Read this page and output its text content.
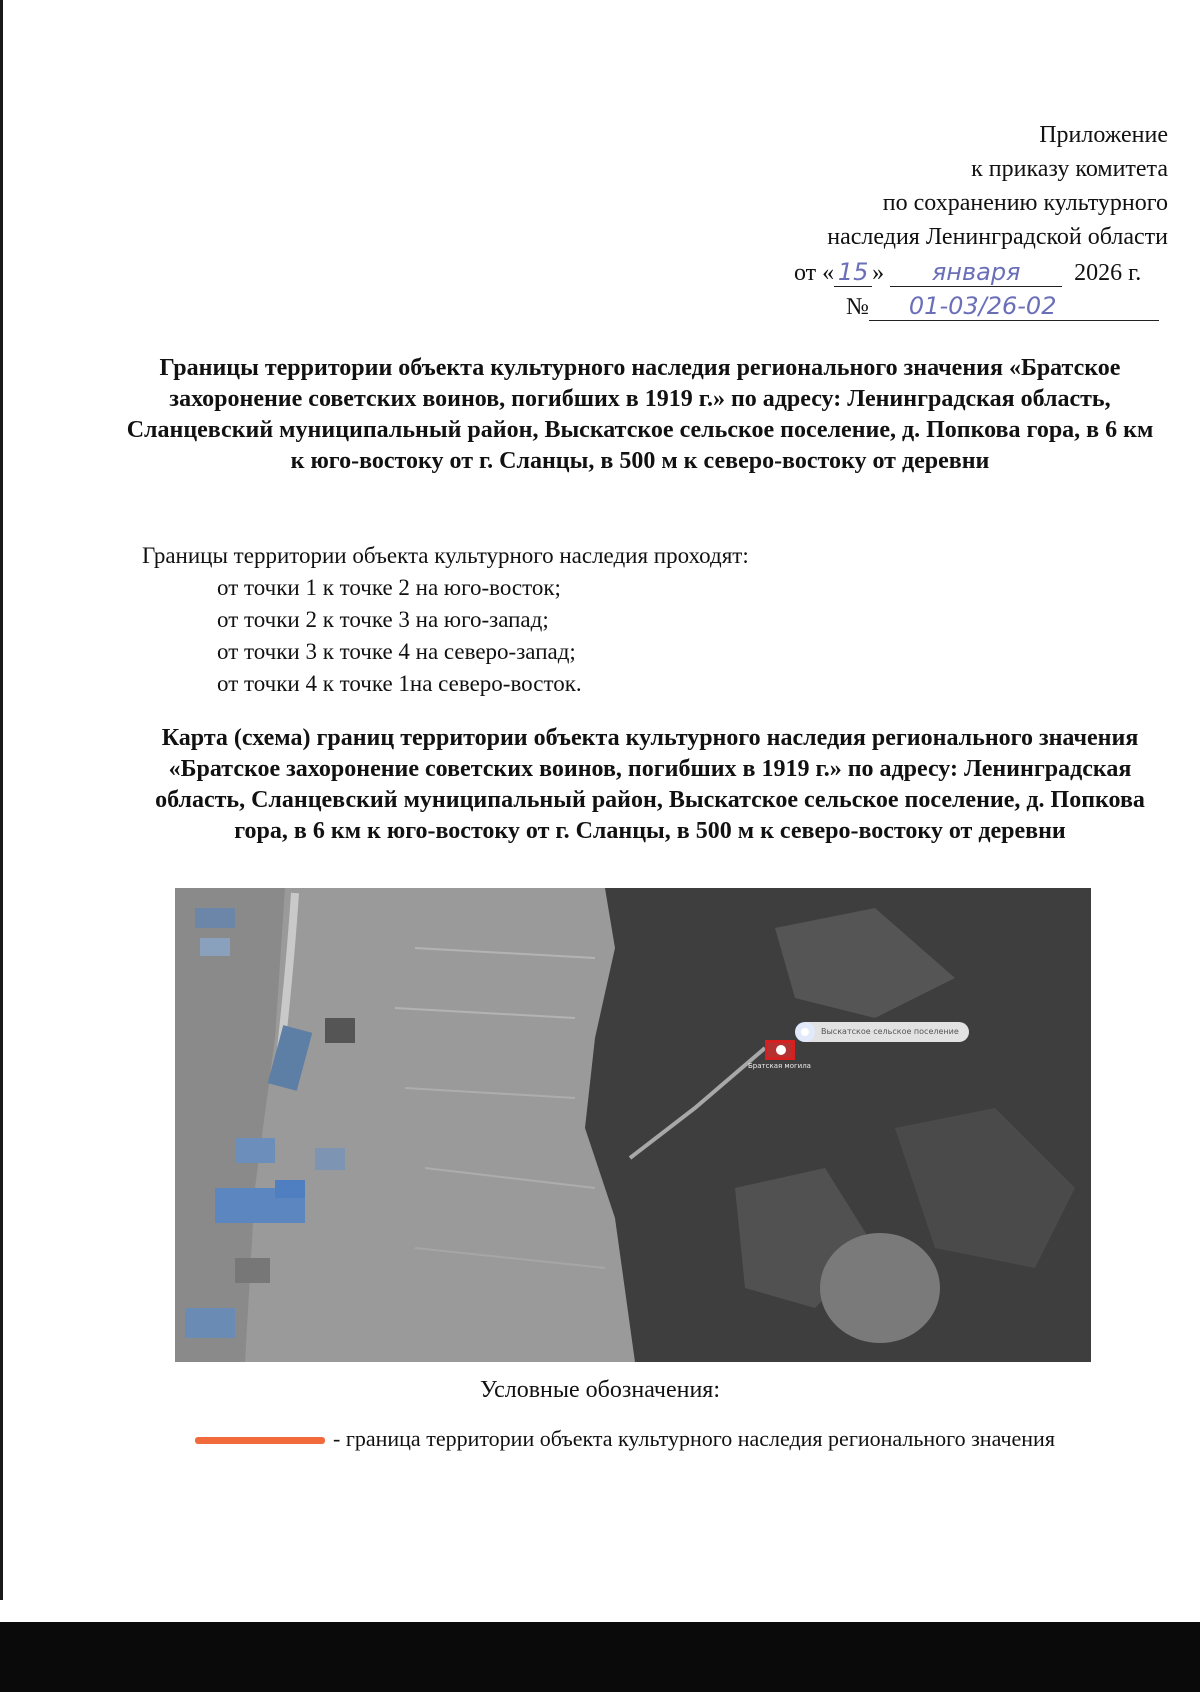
Приложение
к приказу комитета
по сохранению культурного
наследия Ленинградской области
от « 15 » января 2026 г.
№ 01-03/26-02
Границы территории объекта культурного наследия регионального значения «Братское захоронение советских воинов, погибших в 1919 г.» по адресу: Ленинградская область, Сланцевский муниципальный район, Выскатское сельское поселение, д. Попкова гора, в 6 км к юго-востоку от г. Сланцы, в 500 м к северо-востоку от деревни
Границы территории объекта культурного наследия проходят:
от точки 1 к точке 2 на юго-восток;
от точки 2 к точке 3 на юго-запад;
от точки 3 к точке 4 на северо-запад;
от точки 4 к точке 1на северо-восток.
Карта (схема) границ территории объекта культурного наследия регионального значения «Братское захоронение советских воинов, погибших в 1919 г.» по адресу: Ленинградская область, Сланцевский муниципальный район, Выскатское сельское поселение, д. Попкова гора, в 6 км к юго-востоку от г. Сланцы, в 500 м к северо-востоку от деревни
Выскатское сельское поселение
Братская могила
Условные обозначения:
- граница территории объекта культурного наследия регионального значения
